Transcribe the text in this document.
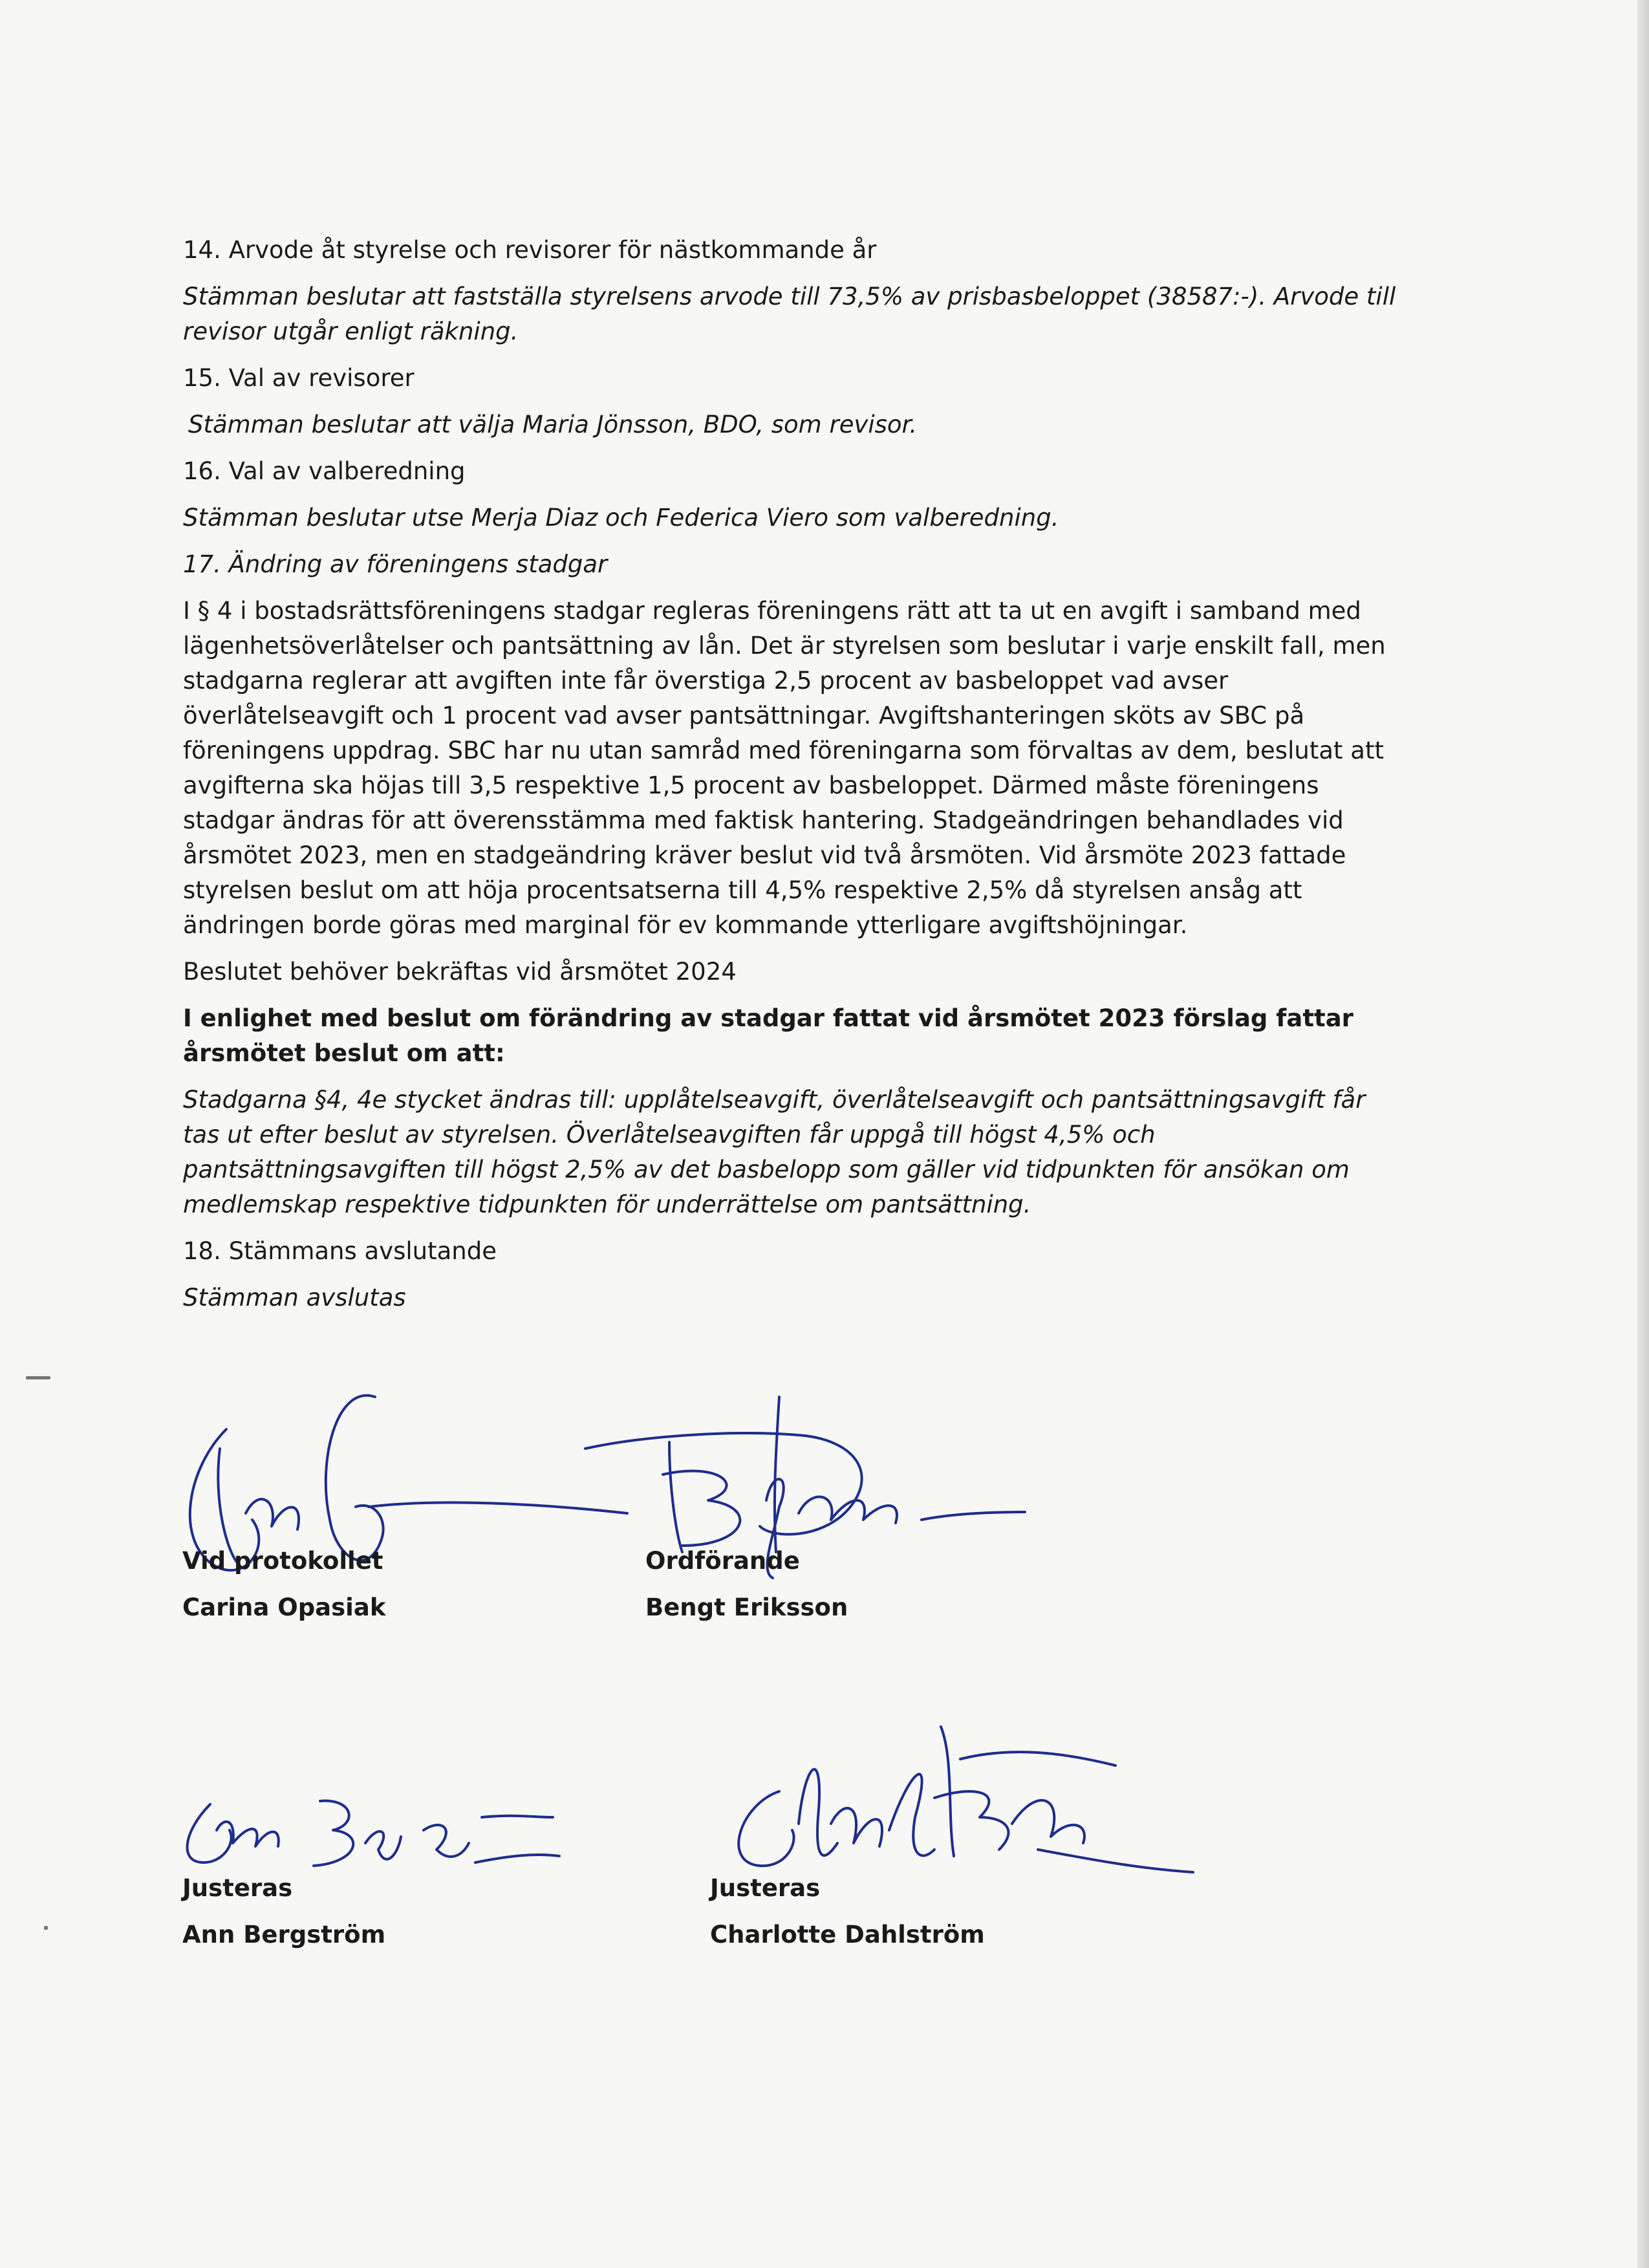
14. Arvode åt styrelse och revisorer för nästkommande år

Stämman beslutar att fastställa styrelsens arvode till 73,5% av prisbasbeloppet (38587:-). Arvode till revisor utgår enligt räkning.

15. Val av revisorer

Stämman beslutar att välja Maria Jönsson, BDO, som revisor.

16. Val av valberedning

Stämman beslutar utse Merja Diaz och Federica Viero som valberedning.

17. Ändring av föreningens stadgar

I § 4 i bostadsrättsföreningens stadgar regleras föreningens rätt att ta ut en avgift i samband med lägenhetsöverlåtelser och pantsättning av lån. Det är styrelsen som beslutar i varje enskilt fall, men stadgarna reglerar att avgiften inte får överstiga 2,5 procent av basbeloppet vad avser överlåtelseavgift och 1 procent vad avser pantsättningar. Avgiftshanteringen sköts av SBC på föreningens uppdrag. SBC har nu utan samråd med föreningarna som förvaltas av dem, beslutat att avgifterna ska höjas till 3,5 respektive 1,5 procent av basbeloppet. Därmed måste föreningens stadgar ändras för att överensstämma med faktisk hantering. Stadgeändringen behandlades vid årsmötet 2023, men en stadgeändring kräver beslut vid två årsmöten. Vid årsmöte 2023 fattade styrelsen beslut om att höja procentsatserna till 4,5% respektive 2,5% då styrelsen ansåg att ändringen borde göras med marginal för ev kommande ytterligare avgiftshöjningar.

Beslutet behöver bekräftas vid årsmötet 2024

I enlighet med beslut om förändring av stadgar fattat vid årsmötet 2023 förslag fattar årsmötet beslut om att:

Stadgarna §4, 4e stycket ändras till: upplåtelseavgift, överlåtelseavgift och pantsättningsavgift får tas ut efter beslut av styrelsen. Överlåtelseavgiften får uppgå till högst 4,5% och pantsättningsavgiften till högst 2,5% av det basbelopp som gäller vid tidpunkten för ansökan om medlemskap respektive tidpunkten för underrättelse om pantsättning.

18. Stämmans avslutande

Stämman avslutas

Vid protokollet
Carina Opasiak
Ordförande
Bengt Eriksson
Justeras
Ann Bergström
Justeras
Charlotte Dahlström
